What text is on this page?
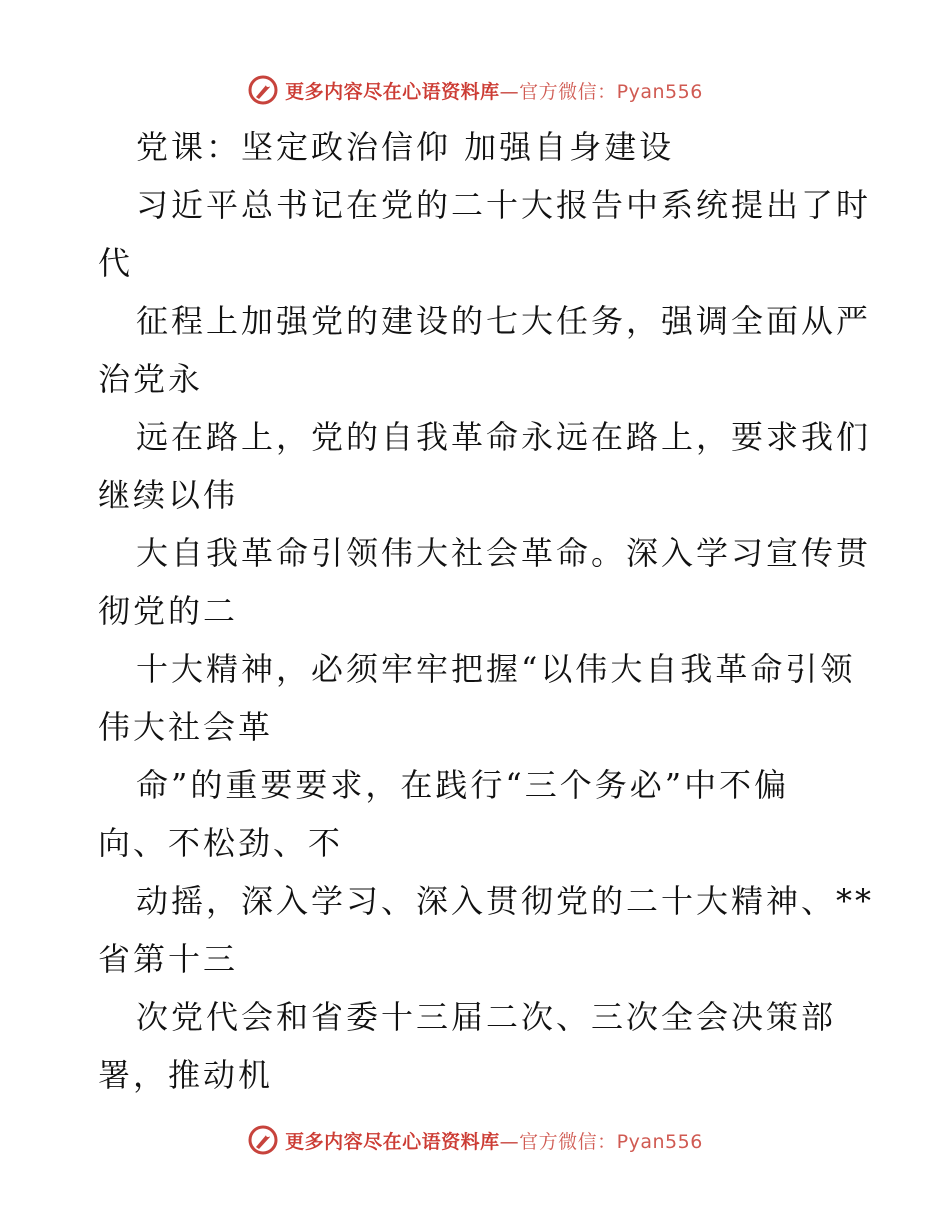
更多内容尽在心语资料库—官方微信：Pyan556
党课：坚定政治信仰 加强自身建设
习近平总书记在党的二十大报告中系统提出了时
代
征程上加强党的建设的七大任务，强调全面从严
治党永
远在路上，党的自我革命永远在路上，要求我们
继续以伟
大自我革命引领伟大社会革命。深入学习宣传贯
彻党的二
十大精神，必须牢牢把握“以伟大自我革命引领
伟大社会革
命”的重要要求，在践行“三个务必”中不偏
向、不松劲、不
动摇，深入学习、深入贯彻党的二十大精神、**
省第十三
次党代会和省委十三届二次、三次全会决策部
署，推动机
更多内容尽在心语资料库—官方微信：Pyan556
